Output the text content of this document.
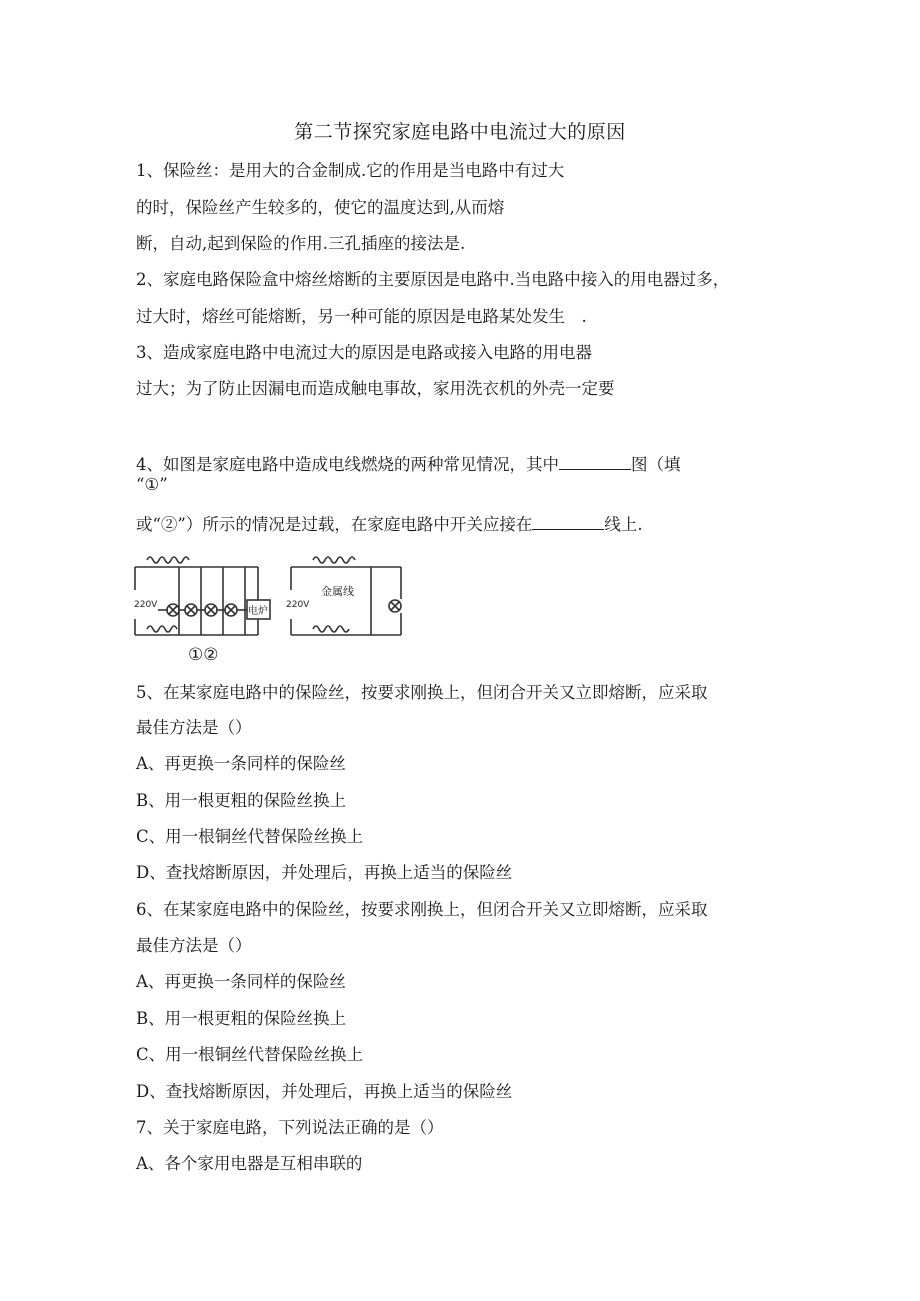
第二节探究家庭电路中电流过大的原因
1、保险丝：是用大的合金制成.它的作用是当电路中有过大
的时，保险丝产生较多的，使它的温度达到,从而熔
断，自动,起到保险的作用.三孔插座的接法是.
2、家庭电路保险盒中熔丝熔断的主要原因是电路中.当电路中接入的用电器过多，
过大时，熔丝可能熔断，另一种可能的原因是电路某处发生　.
3、造成家庭电路中电流过大的原因是电路或接入电路的用电器
过大；为了防止因漏电而造成触电事故，家用洗衣机的外壳一定要
4、如图是家庭电路中造成电线燃烧的两种常见情况，其中	图（填
“①”
或“②”）所示的情况是过载，在家庭电路中开关应接在	线上.
220V	220V
电炉
金属线
①②
5、在某家庭电路中的保险丝，按要求刚换上，但闭合开关又立即熔断，应采取
最佳方法是（）
A、再更换一条同样的保险丝
B、用一根更粗的保险丝换上
C、用一根铜丝代替保险丝换上
D、查找熔断原因，并处理后，再换上适当的保险丝
6、在某家庭电路中的保险丝，按要求刚换上，但闭合开关又立即熔断，应采取
最佳方法是（）
A、再更换一条同样的保险丝
B、用一根更粗的保险丝换上
C、用一根铜丝代替保险丝换上
D、查找熔断原因，并处理后，再换上适当的保险丝
7、关于家庭电路，下列说法正确的是（）
A、各个家用电器是互相串联的
